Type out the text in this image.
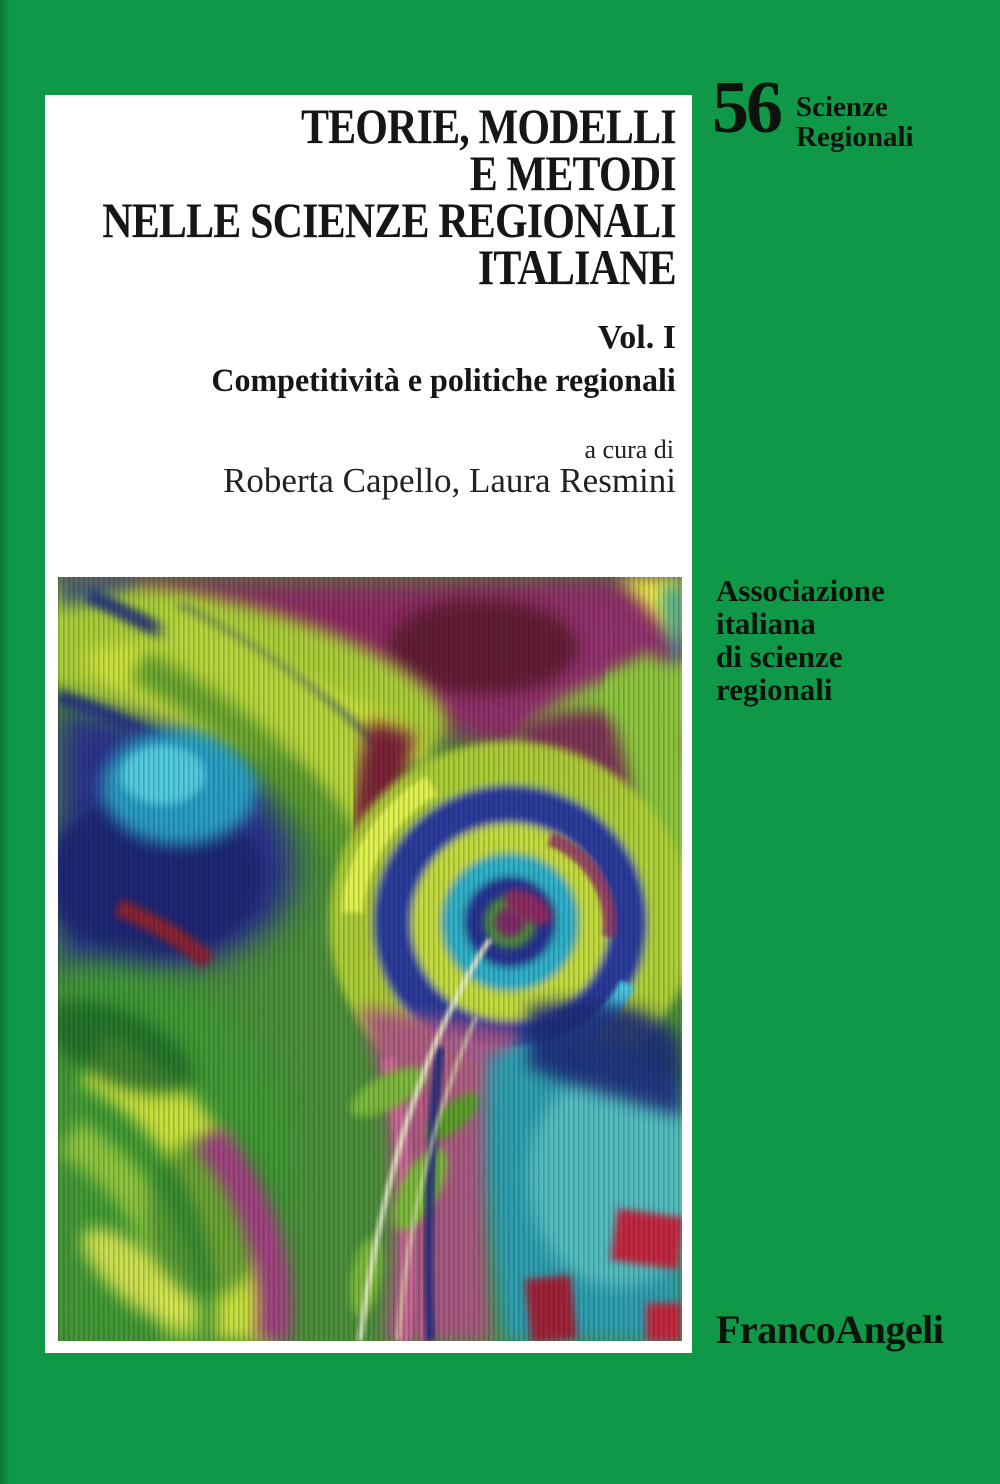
56 Scienze
Regionali
Associazione
italiana
di scienze
regionali
FrancoAngeli
TEORIE, MODELLI
E METODI
NELLE SCIENZE REGIONALI
ITALIANE
Vol. I
Competitività e politiche regionali
a cura di
Roberta Capello, Laura Resmini
